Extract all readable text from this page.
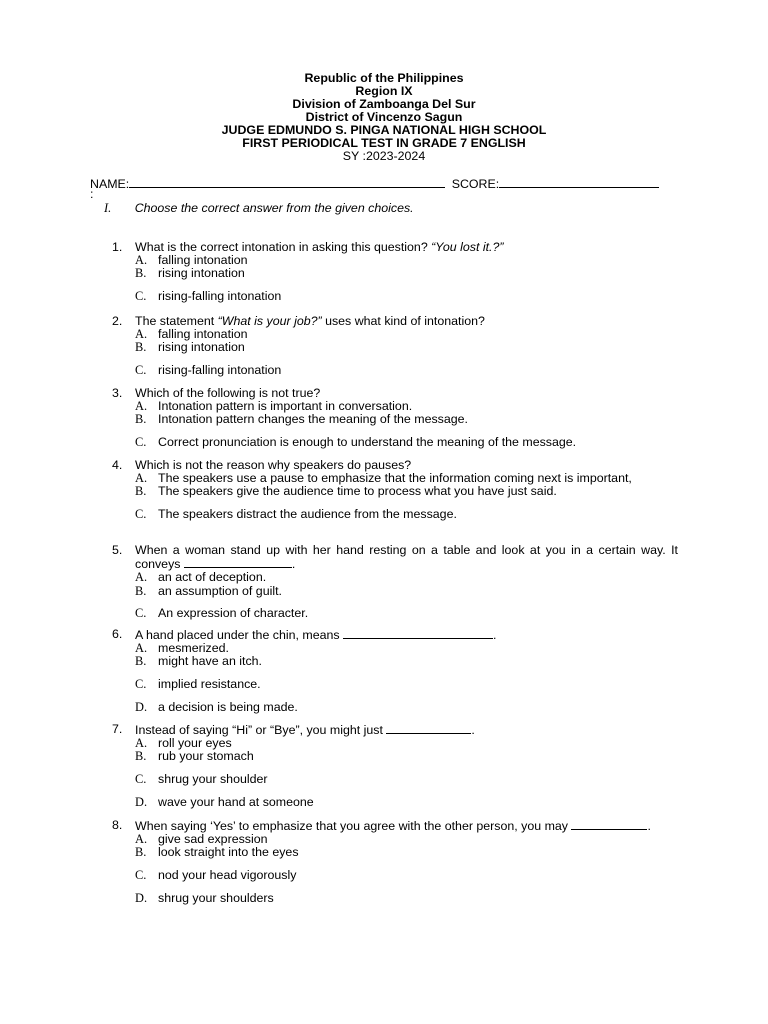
Republic of the Philippines
Region IX
Division of Zamboanga Del Sur
District of Vincenzo Sagun
JUDGE EDMUNDO S. PINGA NATIONAL HIGH SCHOOL
FIRST PERIODICAL TEST IN GRADE 7 ENGLISH
SY :2023-2024
NAME:	SCORE:
:
I. Choose the correct answer from the given choices.
1. What is the correct intonation in asking this question? “You lost it.?”
A. falling intonation
B. rising intonation
C. rising-falling intonation
2. The statement “What is your job?” uses what kind of intonation?
A. falling intonation
B. rising intonation
C. rising-falling intonation
3. Which of the following is not true?
A. Intonation pattern is important in conversation.
B. Intonation pattern changes the meaning of the message.
C. Correct pronunciation is enough to understand the meaning of the message.
4. Which is not the reason why speakers do pauses?
A. The speakers use a pause to emphasize that the information coming next is important,
B. The speakers give the audience time to process what you have just said.
C. The speakers distract the audience from the message.
5. When a woman stand up with her hand resting on a table and look at you in a certain way. It conveys	.
A. an act of deception.
B. an assumption of guilt.
C. An expression of character.
6. A hand placed under the chin, means	.
A. mesmerized.
B. might have an itch.
C. implied resistance.
D. a decision is being made.
7. Instead of saying “Hi” or “Bye”, you might just	.
A. roll your eyes
B. rub your stomach
C. shrug your shoulder
D. wave your hand at someone
8. When saying ‘Yes’ to emphasize that you agree with the other person, you may	.
A. give sad expression
B. look straight into the eyes
C. nod your head vigorously
D. shrug your shoulders
